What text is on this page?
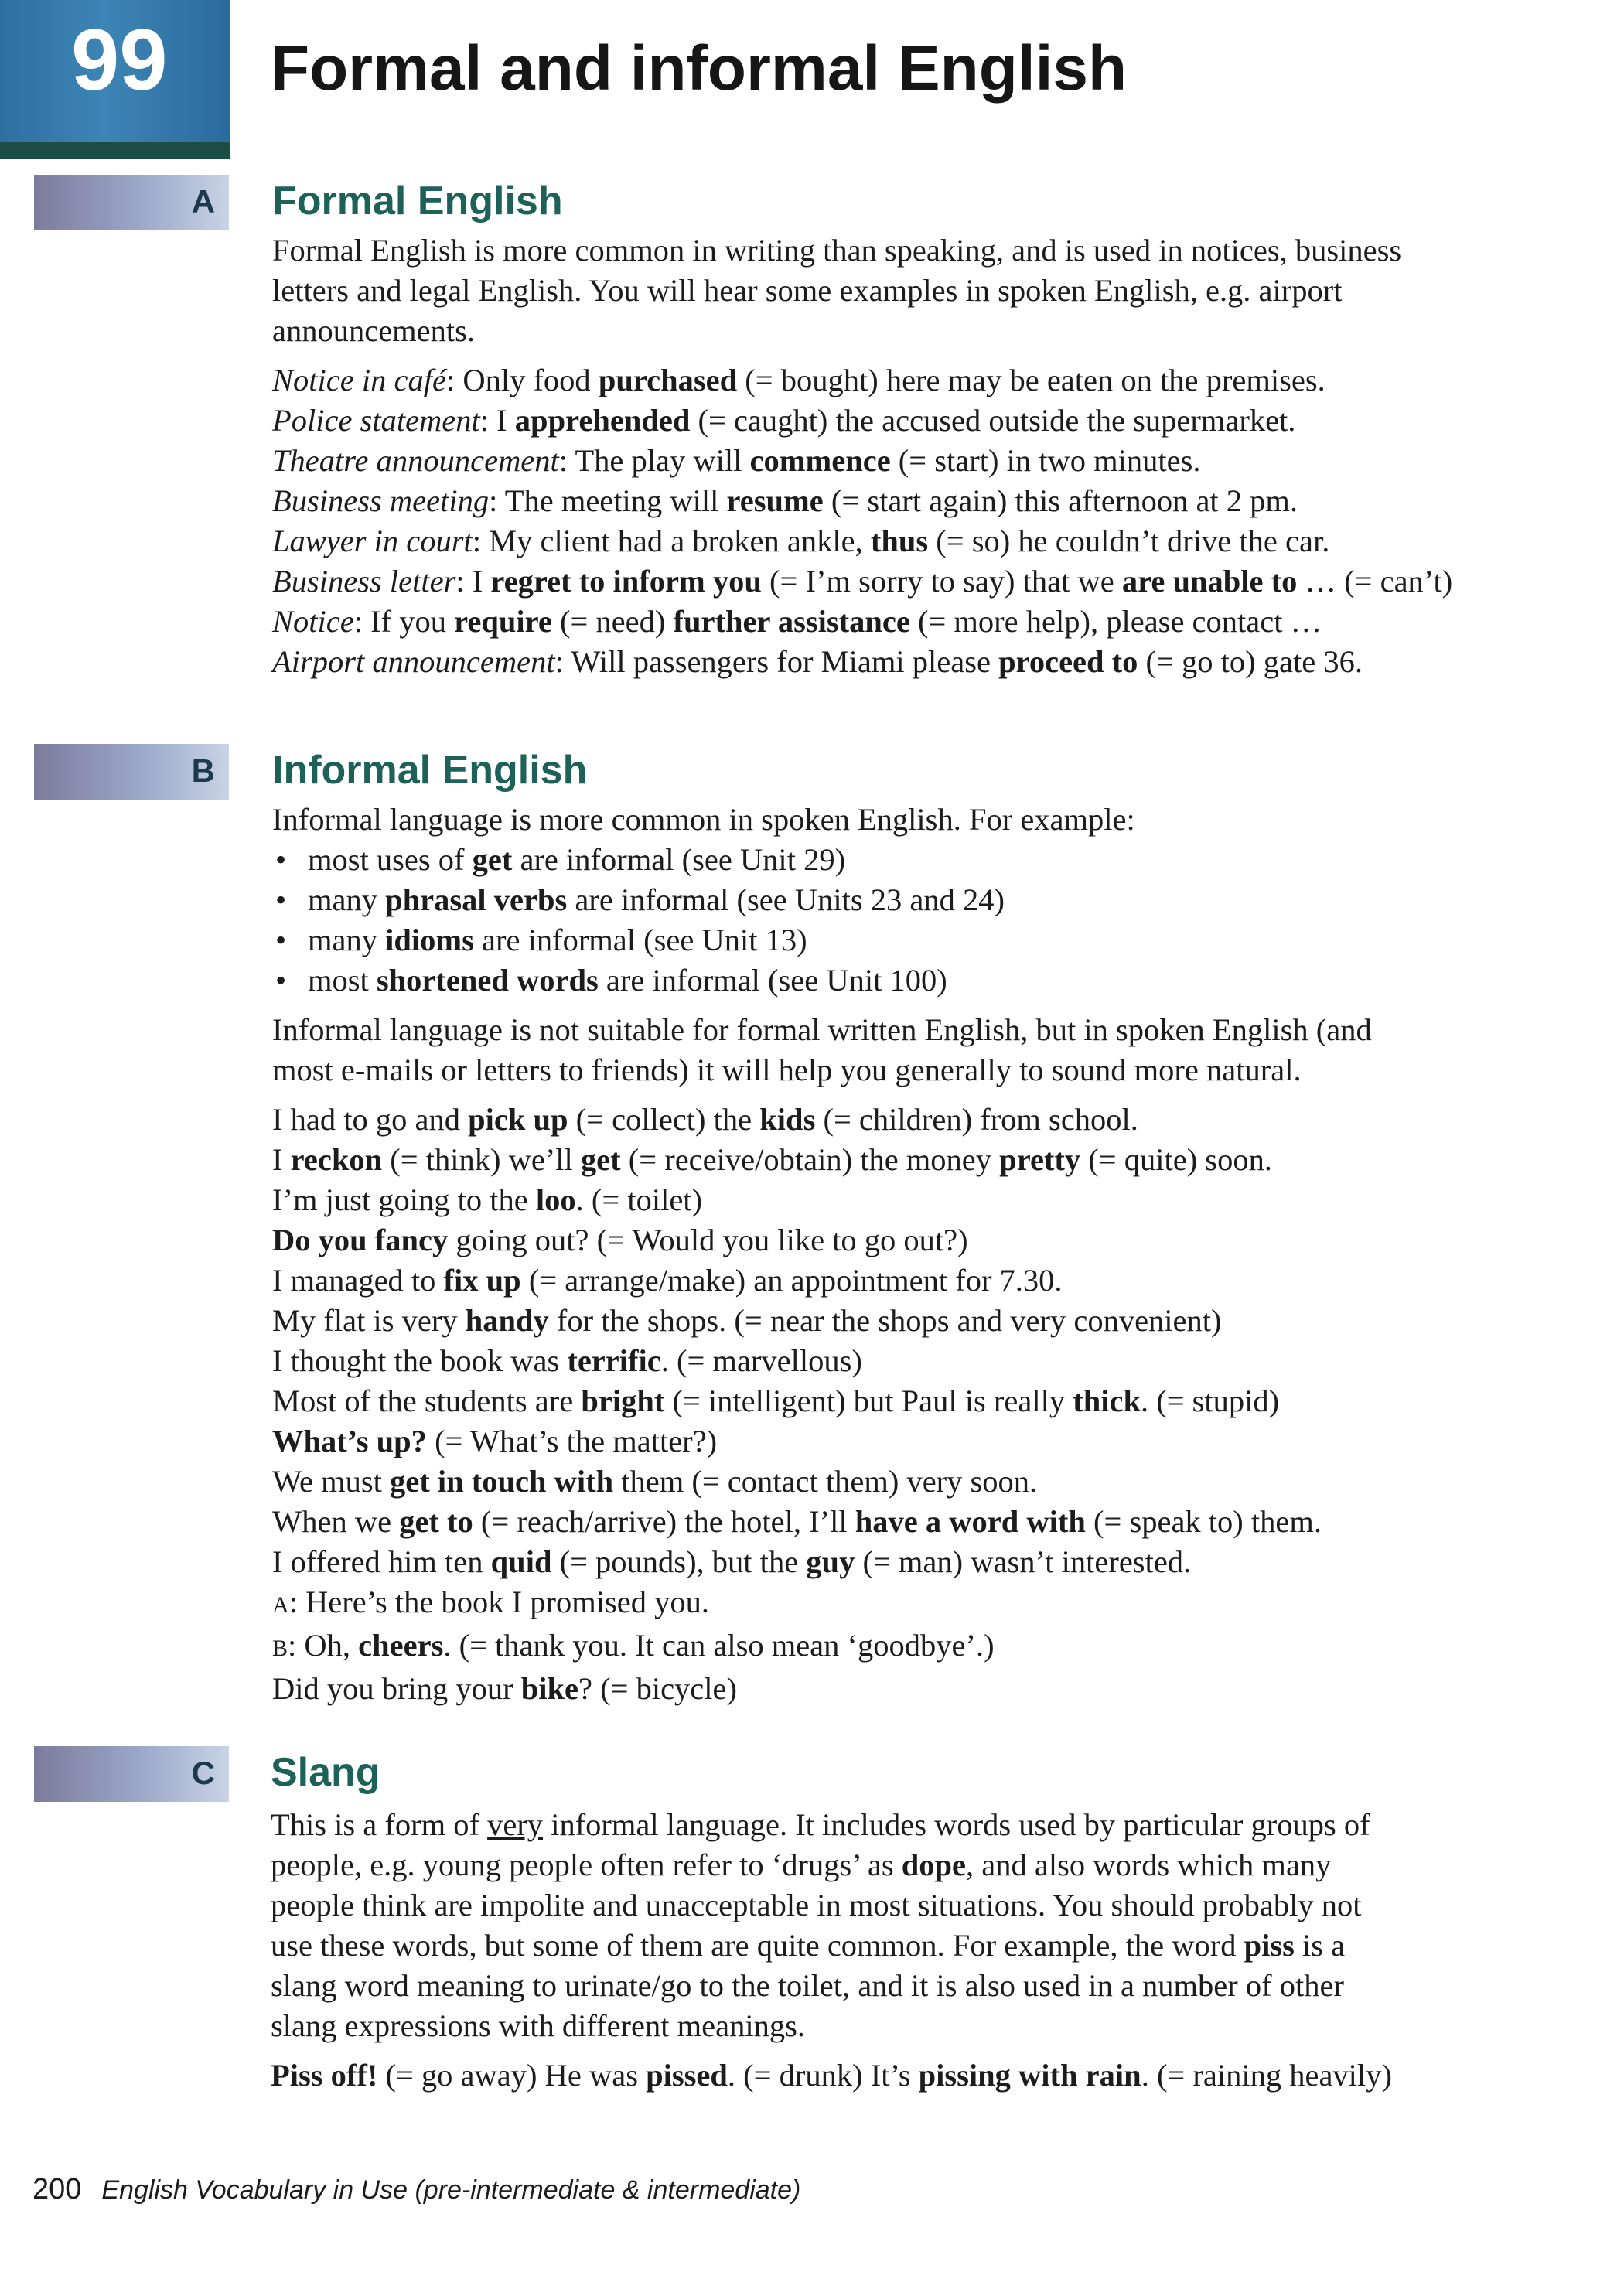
99 Formal and informal English
A Formal English

Formal English is more common in writing than speaking, and is used in notices, business

letters and legal English. You will hear some examples in spoken English, e.g. airport

announcements.

Notice in café: Only food purchased (= bought) here may be eaten on the premises.

Police statement: I apprehended (= caught) the accused outside the supermarket.

Theatre announcement: The play will commence (= start) in two minutes.

Business meeting: The meeting will resume (= start again) this afternoon at 2 pm.

Lawyer in court: My client had a broken ankle, thus (= so) he couldn’t drive the car.

Business letter: I regret to inform you (= I’m sorry to say) that we are unable to … (= can’t)

Notice: If you require (= need) further assistance (= more help), please contact …

Airport announcement: Will passengers for Miami please proceed to (= go to) gate 36.

B Informal English

Informal language is more common in spoken English. For example:

• most uses of get are informal (see Unit 29)
• many phrasal verbs are informal (see Units 23 and 24)
• many idioms are informal (see Unit 13)
• most shortened words are informal (see Unit 100)

Informal language is not suitable for formal written English, but in spoken English (and

most e-mails or letters to friends) it will help you generally to sound more natural.

I had to go and pick up (= collect) the kids (= children) from school.

I reckon (= think) we’ll get (= receive/obtain) the money pretty (= quite) soon.

I’m just going to the loo. (= toilet)

Do you fancy going out? (= Would you like to go out?)

I managed to fix up (= arrange/make) an appointment for 7.30.

My flat is very handy for the shops. (= near the shops and very convenient)

I thought the book was terrific. (= marvellous)

Most of the students are bright (= intelligent) but Paul is really thick. (= stupid)

What’s up? (= What’s the matter?)

We must get in touch with them (= contact them) very soon.

When we get to (= reach/arrive) the hotel, I’ll have a word with (= speak to) them.

I offered him ten quid (= pounds), but the guy (= man) wasn’t interested.

A: Here’s the book I promised you.

B: Oh, cheers. (= thank you. It can also mean ‘goodbye’.)

Did you bring your bike? (= bicycle)

C Slang

This is a form of very informal language. It includes words used by particular groups of

people, e.g. young people often refer to ‘drugs’ as dope, and also words which many

people think are impolite and unacceptable in most situations. You should probably not

use these words, but some of them are quite common. For example, the word piss is a

slang word meaning to urinate/go to the toilet, and it is also used in a number of other

slang expressions with different meanings.

Piss off! (= go away) He was pissed. (= drunk) It’s pissing with rain. (= raining heavily)

200 English Vocabulary in Use (pre-intermediate & intermediate)
